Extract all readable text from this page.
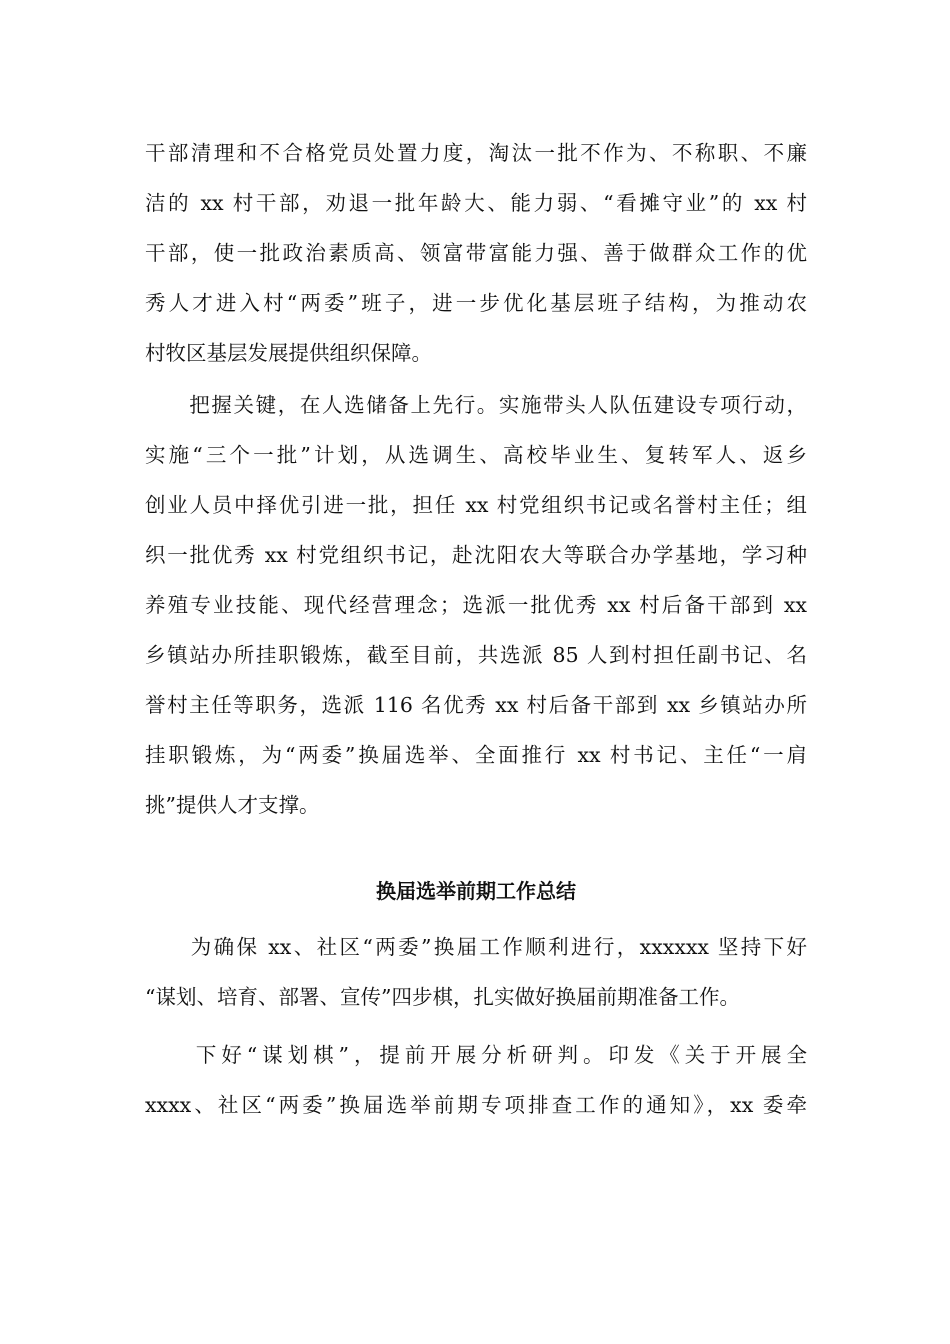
干部清理和不合格党员处置力度，淘汰一批不作为、不称职、不廉
洁的 xx 村干部，劝退一批年龄大、能力弱、“看摊守业”的 xx 村
干部，使一批政治素质高、领富带富能力强、善于做群众工作的优
秀人才进入村“两委”班子，进一步优化基层班子结构，为推动农
村牧区基层发展提供组织保障。
　　把握关键，在人选储备上先行。实施带头人队伍建设专项行动，
实施“三个一批”计划，从选调生、高校毕业生、复转军人、返乡
创业人员中择优引进一批，担任 xx 村党组织书记或名誉村主任；组
织一批优秀 xx 村党组织书记，赴沈阳农大等联合办学基地，学习种
养殖专业技能、现代经营理念；选派一批优秀 xx 村后备干部到 xx
乡镇站办所挂职锻炼，截至目前，共选派 85 人到村担任副书记、名
誉村主任等职务，选派 116 名优秀 xx 村后备干部到 xx 乡镇站办所
挂职锻炼，为“两委”换届选举、全面推行 xx 村书记、主任“一肩
挑”提供人才支撑。
换届选举前期工作总结
　　为确保 xx、社区“两委”换届工作顺利进行，xxxxxx 坚持下好
“谋划、培育、部署、宣传”四步棋，扎实做好换届前期准备工作。
　　下好“谋划棋”，提前开展分析研判。印发《关于开展全
xxxx、社区“两委”换届选举前期专项排查工作的通知》，xx 委牵
